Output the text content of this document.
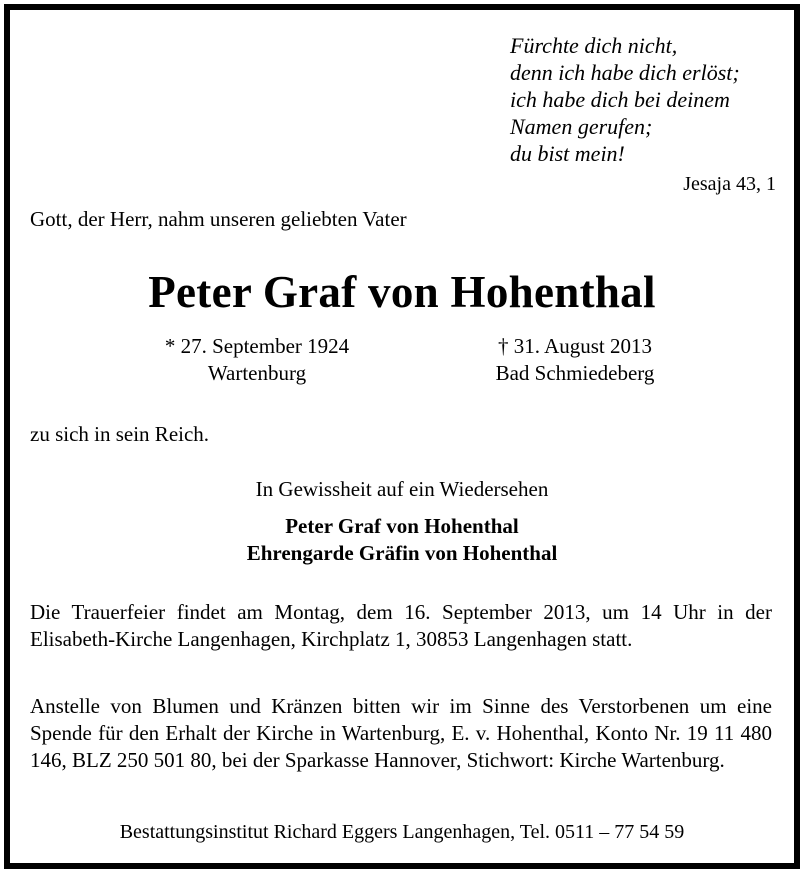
Fürchte dich nicht,
denn ich habe dich erlöst;
ich habe dich bei deinem
Namen gerufen;
du bist mein!
Jesaja 43, 1
Gott, der Herr, nahm unseren geliebten Vater
Peter Graf von Hohenthal
* 27. September 1924
Wartenburg
† 31. August 2013
Bad Schmiedeberg
zu sich in sein Reich.
In Gewissheit auf ein Wiedersehen
Peter Graf von Hohenthal
Ehrengarde Gräfin von Hohenthal

Die Trauerfeier findet am Montag, dem 16. September 2013, um 14 Uhr in der Elisabeth-Kirche Langenhagen, Kirchplatz 1, 30853 Langenhagen statt.

Anstelle von Blumen und Kränzen bitten wir im Sinne des Verstorbenen um eine Spende für den Erhalt der Kirche in Wartenburg, E. v. Hohenthal, Konto Nr. 19 11 480 146, BLZ 250 501 80, bei der Sparkasse Hannover, Stichwort: Kirche Wartenburg.

Bestattungsinstitut Richard Eggers Langenhagen, Tel. 0511 – 77 54 59
